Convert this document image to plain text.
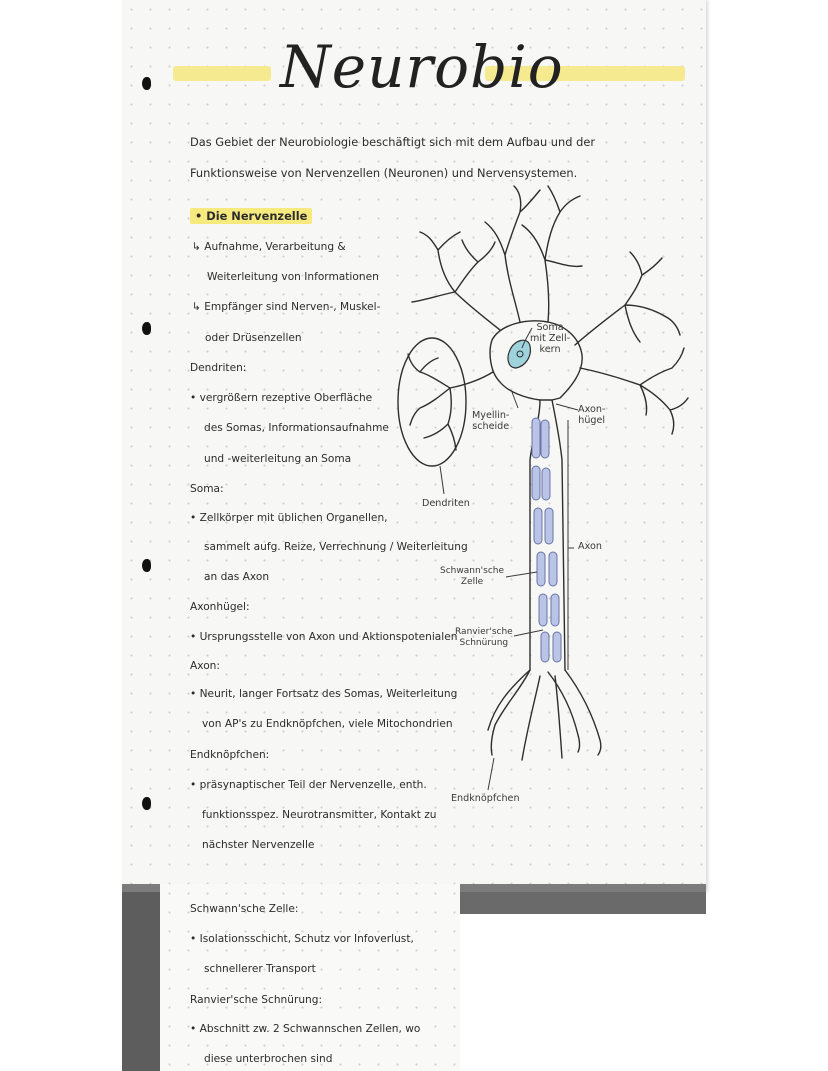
Neurobio
Das Gebiet der Neurobiologie beschäftigt sich mit dem Aufbau und der
Funktionsweise von Nervenzellen (Neuronen) und Nervensystemen.
• Die Nervenzelle
↳ Aufnahme, Verarbeitung &
Weiterleitung von Informationen
↳ Empfänger sind Nerven-, Muskel-
oder Drüsenzellen
Dendriten:
• vergrößern rezeptive Oberfläche
des Somas, Informationsaufnahme
und -weiterleitung an Soma
Soma:
• Zellkörper mit üblichen Organellen,
sammelt aufg. Reize, Verrechnung / Weiterleitung
an das Axon
Axonhügel:
• Ursprungsstelle von Axon und Aktionspotenialen
Axon:
• Neurit, langer Fortsatz des Somas, Weiterleitung
von AP's zu Endknöpfchen, viele Mitochondrien
Endknöpfchen:
• präsynaptischer Teil der Nervenzelle, enth.
funktionsspez. Neurotransmitter, Kontakt zu
nächster Nervenzelle
Schwann'sche Zelle:
• Isolationsschicht, Schutz vor Infoverlust,
schnellerer Transport
Ranvier'sche Schnürung:
• Abschnitt zw. 2 Schwannschen Zellen, wo
diese unterbrochen sind
Soma
mit Zell-
kern
Myellin-
scheide
Axon-
hügel
Dendriten
Axon
Schwann'sche
Zelle
Ranvier'sche
Schnürung
Endknöpfchen
